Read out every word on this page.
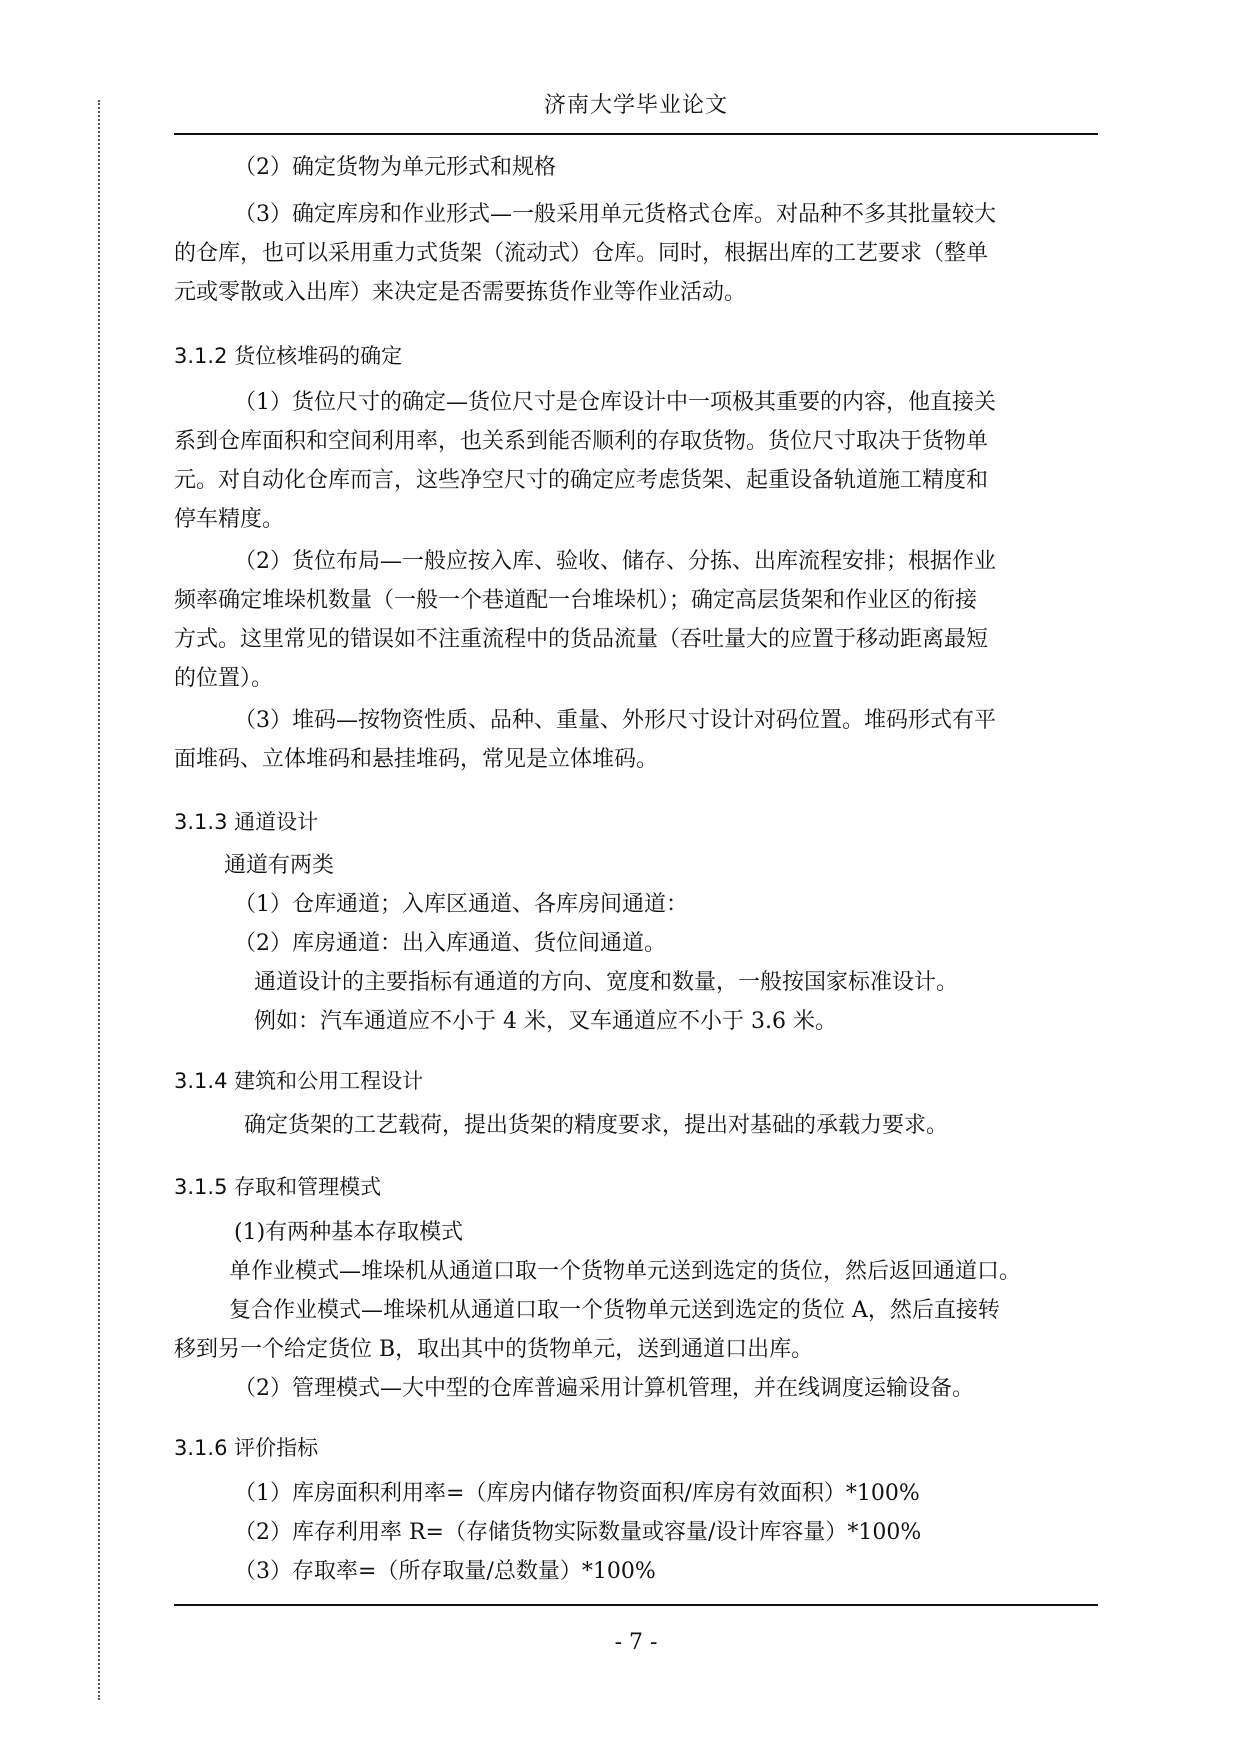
济南大学毕业论文
（2）确定货物为单元形式和规格
（3）确定库房和作业形式—一般采用单元货格式仓库。对品种不多其批量较大
的仓库，也可以采用重力式货架（流动式）仓库。同时，根据出库的工艺要求（整单
元或零散或入出库）来决定是否需要拣货作业等作业活动。
3.1.2 货位核堆码的确定
（1）货位尺寸的确定—货位尺寸是仓库设计中一项极其重要的内容，他直接关
系到仓库面积和空间利用率，也关系到能否顺利的存取货物。货位尺寸取决于货物单
元。对自动化仓库而言，这些净空尺寸的确定应考虑货架、起重设备轨道施工精度和
停车精度。
（2）货位布局—一般应按入库、验收、储存、分拣、出库流程安排；根据作业
频率确定堆垛机数量（一般一个巷道配一台堆垛机）；确定高层货架和作业区的衔接
方式。这里常见的错误如不注重流程中的货品流量（吞吐量大的应置于移动距离最短
的位置）。
（3）堆码—按物资性质、品种、重量、外形尺寸设计对码位置。堆码形式有平
面堆码、立体堆码和悬挂堆码，常见是立体堆码。
3.1.3 通道设计
通道有两类
（1）仓库通道；入库区通道、各库房间通道：
（2）库房通道：出入库通道、货位间通道。
通道设计的主要指标有通道的方向、宽度和数量，一般按国家标准设计。
例如：汽车通道应不小于 4 米，叉车通道应不小于 3.6 米。
3.1.4 建筑和公用工程设计
确定货架的工艺载荷，提出货架的精度要求，提出对基础的承载力要求。
3.1.5 存取和管理模式
(1)有两种基本存取模式
单作业模式—堆垛机从通道口取一个货物单元送到选定的货位，然后返回通道口。
复合作业模式—堆垛机从通道口取一个货物单元送到选定的货位 A，然后直接转
移到另一个给定货位 B，取出其中的货物单元，送到通道口出库。
（2）管理模式—大中型的仓库普遍采用计算机管理，并在线调度运输设备。
3.1.6 评价指标
（1）库房面积利用率=（库房内储存物资面积/库房有效面积）*100%
（2）库存利用率 R=（存储货物实际数量或容量/设计库容量）*100%
（3）存取率=（所存取量/总数量）*100%
- 7 -
